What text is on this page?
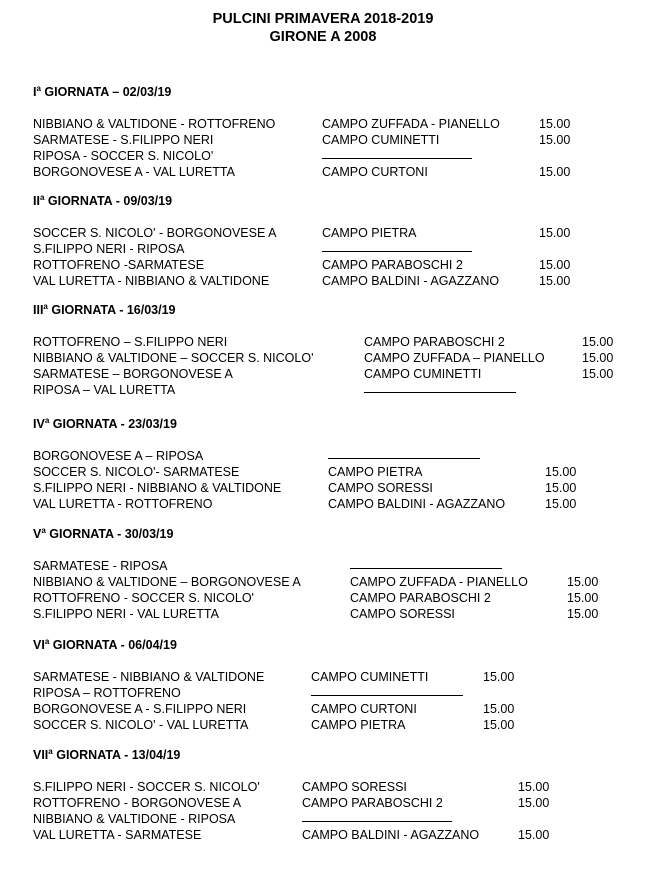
PULCINI PRIMAVERA 2018-2019
GIRONE A 2008
$I^a$ GIORNATA – 02/03/19
NIBBIANO & VALTIDONE - ROTTOFRENO	CAMPO ZUFFADA - PIANELLO	15.00
SARMATESE - S.FILIPPO NERI	CAMPO CUMINETTI	15.00
RIPOSA - SOCCER S. NICOLO'
BORGONOVESE A - VAL LURETTA	CAMPO CURTONI	15.00
$II^a$ GIORNATA - 09/03/19
SOCCER S. NICOLO' - BORGONOVESE A	CAMPO PIETRA	15.00
S.FILIPPO NERI - RIPOSA
ROTTOFRENO -SARMATESE	CAMPO PARABOSCHI 2	15.00
VAL LURETTA - NIBBIANO & VALTIDONE	CAMPO BALDINI - AGAZZANO	15.00
III$^a$ GIORNATA - 16/03/19
ROTTOFRENO – S.FILIPPO NERI	CAMPO PARABOSCHI 2	15.00
NIBBIANO & VALTIDONE – SOCCER S. NICOLO'	CAMPO ZUFFADA – PIANELLO	15.00
SARMATESE – BORGONOVESE A	CAMPO CUMINETTI	15.00
RIPOSA – VAL LURETTA
$IV^a$ GIORNATA - 23/03/19
BORGONOVESE A – RIPOSA
SOCCER S. NICOLO'- SARMATESE	CAMPO PIETRA	15.00
S.FILIPPO NERI - NIBBIANO & VALTIDONE	CAMPO SORESSI	15.00
VAL LURETTA - ROTTOFRENO	CAMPO BALDINI - AGAZZANO	15.00
$V^a$ GIORNATA - 30/03/19
SARMATESE - RIPOSA
NIBBIANO & VALTIDONE – BORGONOVESE A	CAMPO ZUFFADA - PIANELLO	15.00
ROTTOFRENO - SOCCER S. NICOLO'	CAMPO PARABOSCHI 2	15.00
S.FILIPPO NERI - VAL LURETTA	CAMPO SORESSI	15.00
$VI^a$ GIORNATA - 06/04/19
SARMATESE - NIBBIANO & VALTIDONE	CAMPO CUMINETTI	15.00
RIPOSA – ROTTOFRENO
BORGONOVESE A - S.FILIPPO NERI	CAMPO CURTONI	15.00
SOCCER S. NICOLO' - VAL LURETTA	CAMPO PIETRA	15.00
VII$^a$ GIORNATA - 13/04/19
S.FILIPPO NERI - SOCCER S. NICOLO'	CAMPO SORESSI	15.00
ROTTOFRENO - BORGONOVESE A	CAMPO PARABOSCHI 2	15.00
NIBBIANO & VALTIDONE - RIPOSA
VAL LURETTA - SARMATESE	CAMPO BALDINI - AGAZZANO	15.00
